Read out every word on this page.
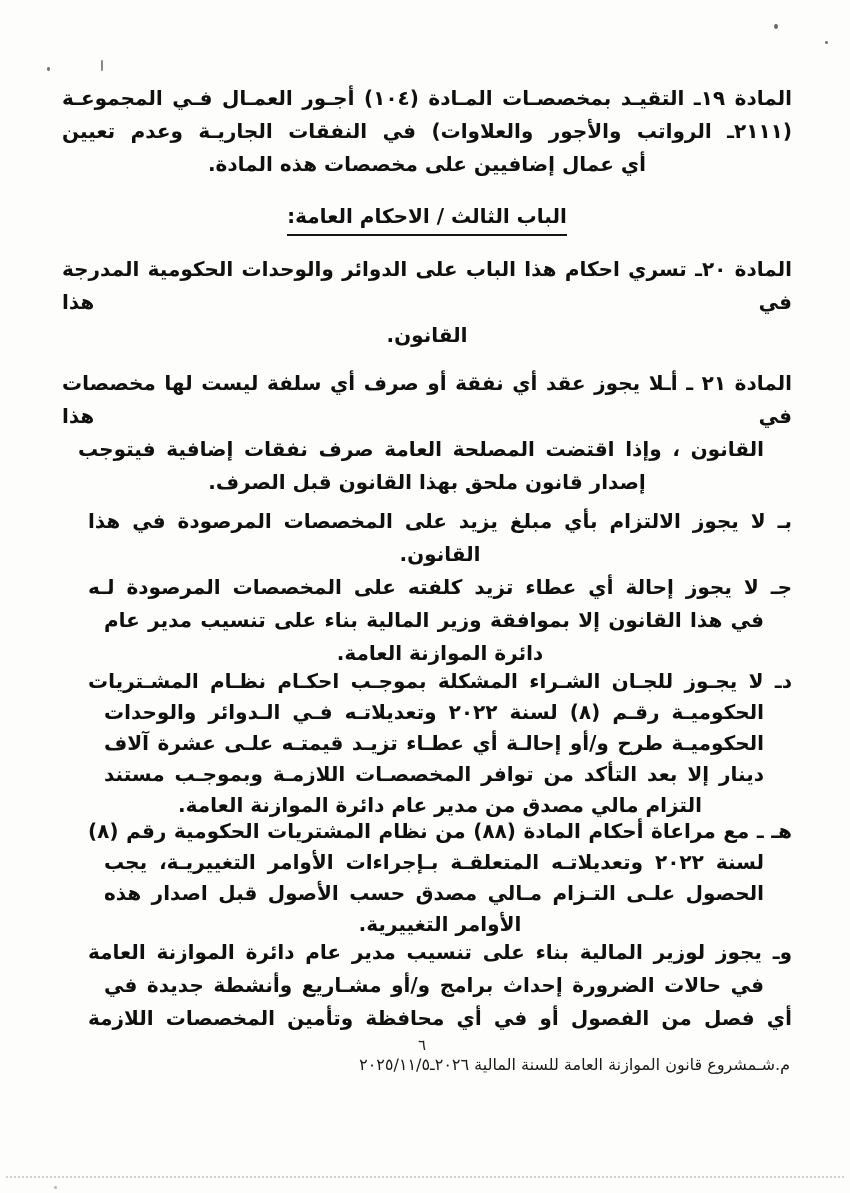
المادة ١٩ـ التقيـد بمخصصـات المـادة (١٠٤) أجـور العمـال فـي المجموعـة
(٢١١١ـ الرواتب والأجور والعلاوات) في النفقات الجاريـة وعدم تعيين
أي عمال إضافيين على مخصصات هذه المادة.
الباب الثالث / الاحكام العامة:
المادة ٢٠ـ تسري احكام هذا الباب على الدوائر والوحدات الحكومية المدرجة في هذا
القانون.
المادة ٢١ ـ أـلا يجوز عقد أي نفقة أو صرف أي سلفة ليست لها مخصصات في هذا
القانون ، وإذا اقتضت المصلحة العامة صرف نفقات إضافية فيتوجب
إصدار قانون ملحق بهذا القانون قبل الصرف.
بـ لا يجوز الالتزام بأي مبلغ يزيد على المخصصات المرصودة في هذا
القانون.
جـ لا يجوز إحالة أي عطاء تزيد كلفته على المخصصات المرصودة لـه
في هذا القانون إلا بموافقة وزير المالية بناء على تنسيب مدير عام
دائرة الموازنة العامة.
دـ لا يجـوز للجـان الشـراء المشكلة بموجـب احكـام نظـام المشـتريات
الحكوميـة رقـم (٨) لسنة ٢٠٢٢ وتعديلاتـه فـي الـدوائر والوحدات
الحكوميـة طرح و/أو إحالـة أي عطـاء تزيـد قيمتـه علـى عشرة آلاف
دينار إلا بعد التأكد من توافر المخصصـات اللازمـة وبموجـب مستند
التزام مالي مصدق من مدير عام دائرة الموازنة العامة.
هـ ـ مع مراعاة أحكام المادة (٨٨) من نظام المشتريات الحكومية رقم (٨)
لسنة ٢٠٢٢ وتعديلاتـه المتعلقـة بـإجراءات الأوامر التغييريـة، يجب
الحصول علـى التـزام مـالي مصدق حسب الأصول قبل اصدار هذه
الأوامر التغييرية.
وـ يجوز لوزير المالية بناء على تنسيب مدير عام دائرة الموازنة العامة
في حالات الضرورة إحداث برامج و/أو مشـاريع وأنشطة جديدة في
أي فصل من الفصول أو في أي محافظة وتأمين المخصصات اللازمة
٦
م.شـمشروع قانون الموازنة العامة للسنة المالية ٢٠٢٦ـ٢٠٢٥/١١/٥
